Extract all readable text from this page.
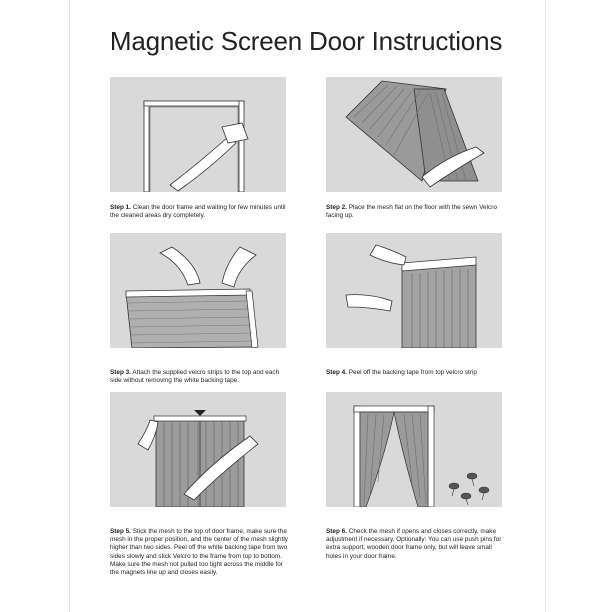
Magnetic Screen Door Instructions
Step 1. Clean the door frame and waiting for few minutes until the cleaned areas dry completely.
Step 2. Place the mesh flat on the floor with the sewn Velcro facing up.
Step 3. Attach the supplied velcro strips to the top and each side without removing the white backing tape.
Step 4. Peel off the backing tape from top velcro strip
Step 5. Stick the mesh to the top of door frame, make sure the mesh in the proper position, and the center of the mesh slightly higher than two sides. Peel off the white backing tape from two sides slowly and stick Velcro to the frame from top to bottom. Make sure the mesh not pulled too tight across the middle for the magnets line up and closes easily.
Step 6. Check the mesh if opens and closes correctly, make adjustment if necessary. Optionally: You can use push pins for extra support, wooden door frame only, but will leave small holes in your door frame.
